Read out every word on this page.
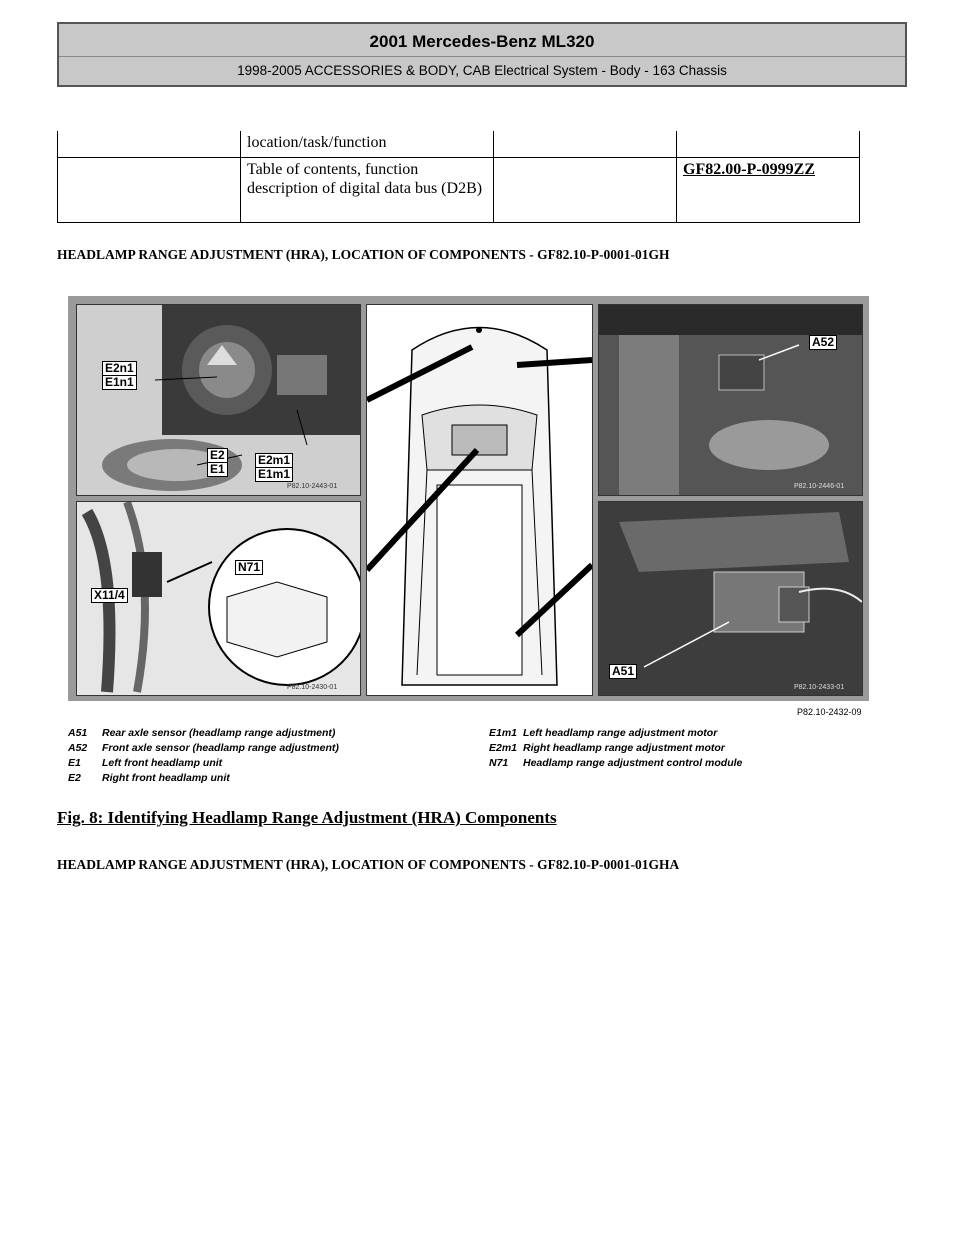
2001 Mercedes-Benz ML320
1998-2005 ACCESSORIES & BODY, CAB Electrical System - Body - 163 Chassis
	location/task/function		
	Table of contents, function description of digital data bus (D2B)		GF82.00-P-0999ZZ
HEADLAMP RANGE ADJUSTMENT (HRA), LOCATION OF COMPONENTS - GF82.10-P-0001-01GH
E2n1
E1n1
E2
E1
E2m1
E1m1
P82.10-2443-01
A52
P82.10-2446-01
N71
X11/4
P82.10-2430-01
A51
P82.10-2433-01
P82.10-2432-09
A51 Rear axle sensor (headlamp range adjustment)
A52 Front axle sensor (headlamp range adjustment)
E1 Left front headlamp unit
E2 Right front headlamp unit
E1m1 Left headlamp range adjustment motor
E2m1 Right headlamp range adjustment motor
N71 Headlamp range adjustment control module
Fig. 8: Identifying Headlamp Range Adjustment (HRA) Components
HEADLAMP RANGE ADJUSTMENT (HRA), LOCATION OF COMPONENTS - GF82.10-P-0001-01GHA
